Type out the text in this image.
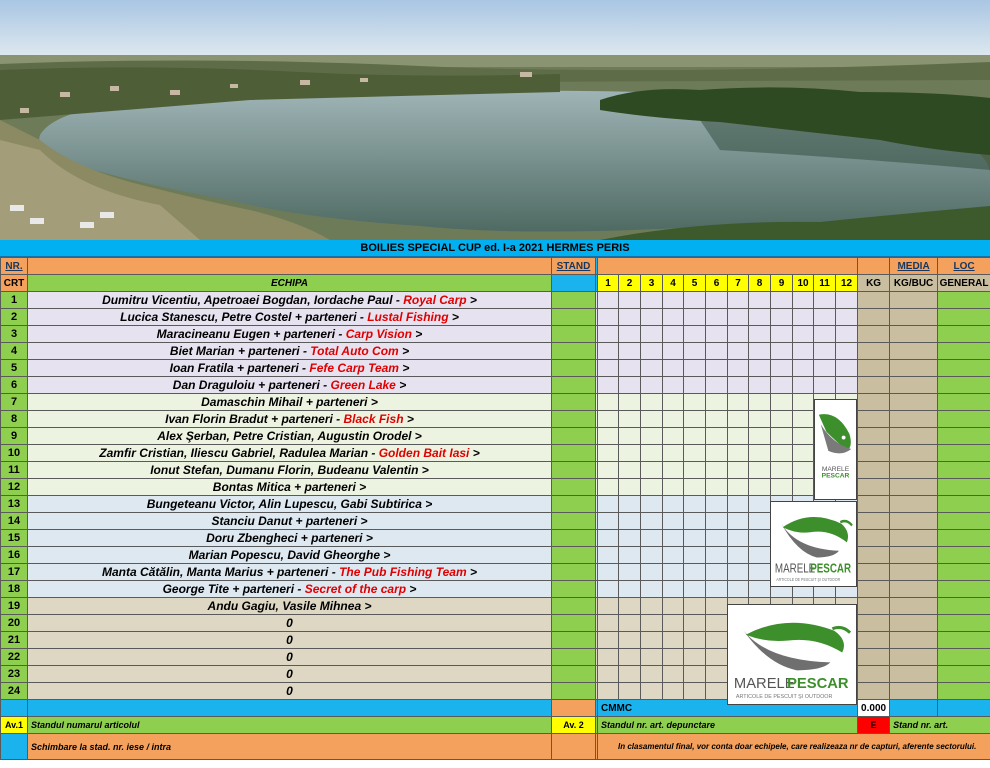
BOILIES SPECIAL CUP ed. I-a 2021 HERMES PERIS
NR.		STAND															MEDIA	LOC
CRT	ECHIPA			1	2	3	4	5	6	7	8	9	10	11	12	KG	KG/BUC	GENERAL
1	Dumitru Vicentiu, Apetroaei Bogdan, Iordache Paul - Royal Carp >																	
2	Lucica Stanescu, Petre Costel + parteneri - Lustal Fishing >																	
3	Maracineanu Eugen + parteneri - Carp Vision >																	
4	Biet Marian + parteneri - Total Auto Com >																	
5	Ioan Fratila + parteneri - Fefe Carp Team >																	
6	Dan Draguloiu + parteneri - Green Lake >																	
7	Damaschin Mihail + parteneri >																	
8	Ivan Florin Bradut + parteneri - Black Fish >																	
9	Alex Şerban, Petre Cristian, Augustin Orodel >																	
10	Zamfir Cristian, Iliescu Gabriel, Radulea Marian - Golden Bait Iasi >																	
11	Ionut Stefan, Dumanu Florin, Budeanu Valentin >																	
12	Bontas Mitica + parteneri >																	
13	Bungeteanu Victor, Alin Lupescu, Gabi Subtirica >																	
14	Stanciu Danut + parteneri >																	
15	Doru Zbengheci + parteneri >																	
16	Marian Popescu, David Gheorghe >																	
17	Manta Cătălin, Manta Marius + parteneri - The Pub Fishing Team >																	
18	George Tite + parteneri - Secret of the carp >																	
19	Andu Gagiu, Vasile Mihnea >																	
20	0																	
21	0																	
22	0																	
23	0																	
24	0																	
				CMMC												0.000		
Av.1	Standul numarul articolul	Av. 2		Standul nr. art. depunctare												E	Stand nr. art.	
	Schimbare la stad. nr. iese / intra			In clasamentul final, vor conta doar echipele, care realizeaza nr de capturi, aferente sectorului.														
MARELE
PESCAR
MARELE
PESCAR
ARTICOLE DE PESCUIT ŞI OUTDOOR
MARELE
PESCAR
ARTICOLE DE PESCUIT ŞI OUTDOOR
